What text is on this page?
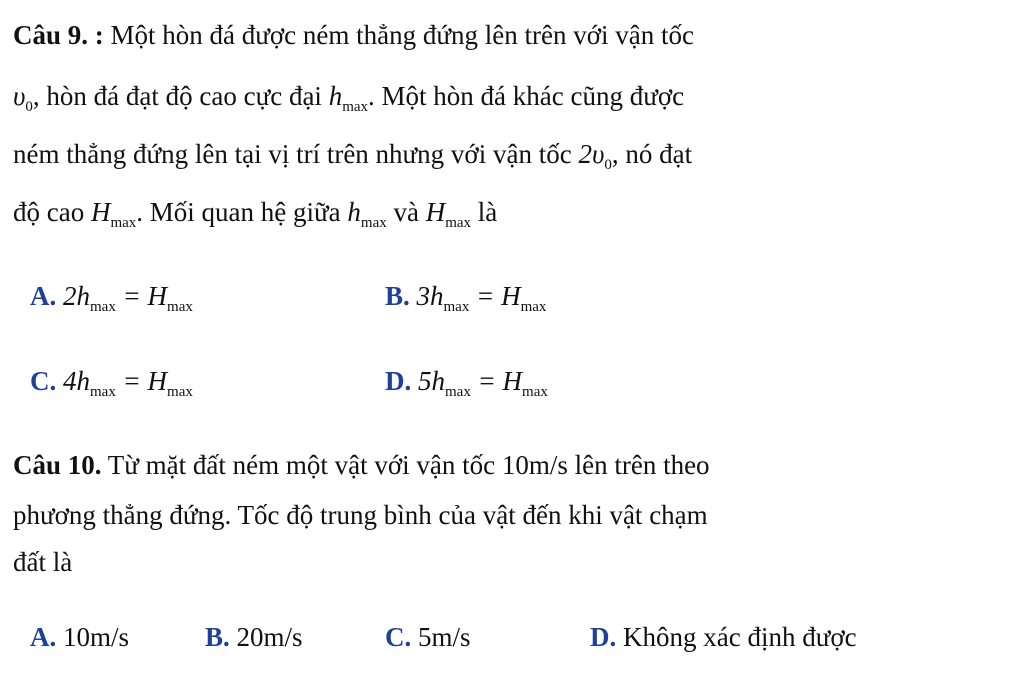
Câu 9. : Một hòn đá được ném thẳng đứng lên trên với vận tốc
$\upsilon_0$, hòn đá đạt độ cao cực đại $h_{max}$. Một hòn đá khác cũng được
ném thẳng đứng lên tại vị trí trên nhưng với vận tốc $2\upsilon_0$, nó đạt
độ cao $H_{max}$. Mối quan hệ giữa $h_{max}$ và $H_{max}$ là
A. $2h_{max} = H_{max}$	B. $3h_{max} = H_{max}$
C. $4h_{max} = H_{max}$	D. $5h_{max} = H_{max}$
Câu 10. Từ mặt đất ném một vật với vận tốc 10m/s lên trên theo
phương thẳng đứng. Tốc độ trung bình của vật đến khi vật chạm
đất là
A. 10m/s	B. 20m/s	C. 5m/s	D. Không xác định được
